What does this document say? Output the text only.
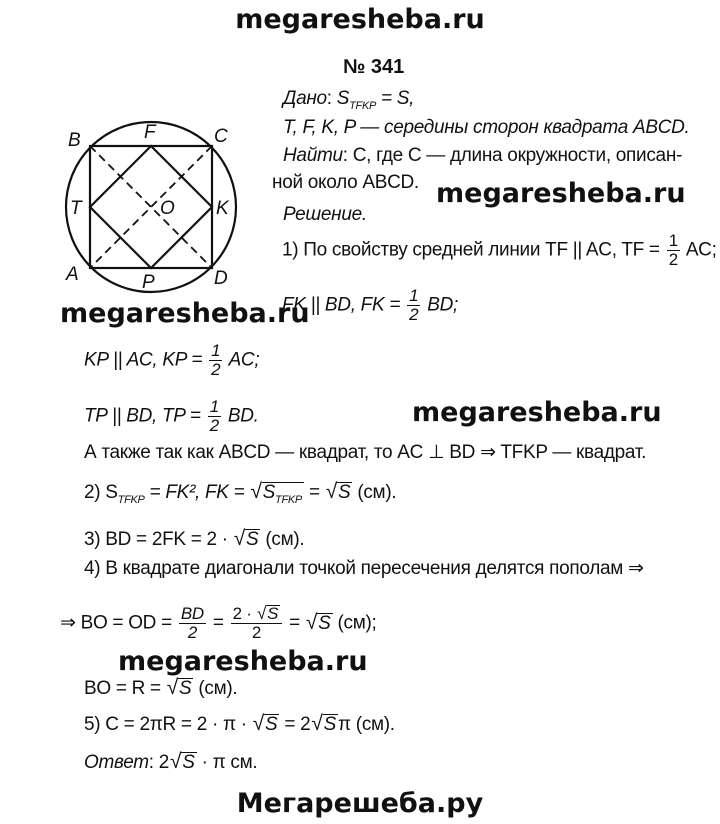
megaresheba.ru
megaresheba.ru
megaresheba.ru
megaresheba.ru
megaresheba.ru
Мегарешеба.ру
№ 341
B	F	C
T	O K
A	P	D
Дано: $S_{TFKP} = S$,
T, F, K, P — середины сторон квадрата ABCD.
Найти: C, где C — длина окружности, описан-
ной около ABCD.
Решение.
1) По свойству средней линии TF || AC, TF = $\frac{1}{2}$ AC;
FK || BD, FK = $\frac{1}{2}$ BD;
KP || AC, KP = $\frac{1}{2}$ AC;
TP || BD, TP = $\frac{1}{2}$ BD.
А также так как ABCD — квадрат, то AC ⊥ BD ⇒ TFKP — квадрат.
2) $S_{TFKP} = FK^2$, FK = $√S_{TFKP} = √S$ (см).
3) BD = 2FK = 2 · √S (см).
4) В квадрате диагонали точкой пересечения делятся пополам ⇒
⇒ BO = OD = $\frac{BD}{2} = \frac{2 \cdot √S}{2} = √S$ (см);
BO = R = √S (см).
5) C = 2πR = 2 · π · √S = 2√S π (см).
Ответ: 2√S · π см.
